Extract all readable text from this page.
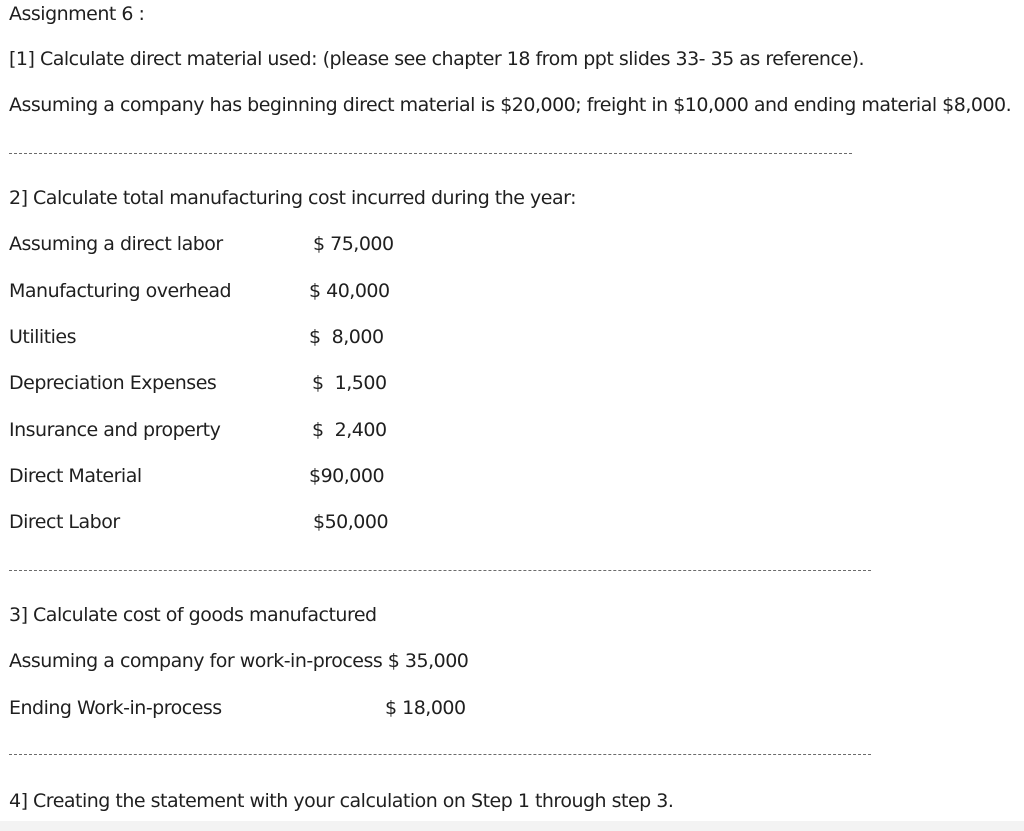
Assignment 6 :

[1] Calculate direct material used: (please see chapter 18 from ppt slides 33- 35 as reference).

Assuming a company has beginning direct material is $20,000; freight in $10,000 and ending material $8,000.

2] Calculate total manufacturing cost incurred during the year:

Assuming a direct labor	$ 75,000
Manufacturing overhead	$ 40,000
Utilities	$  8,000
Depreciation Expenses	$  1,500
Insurance and property	$  2,400
Direct Material	$90,000
Direct Labor	$50,000

3] Calculate cost of goods manufactured

Assuming a company for work-in-process $ 35,000

Ending Work-in-process	$ 18,000

4] Creating the statement with your calculation on Step 1 through step 3.
